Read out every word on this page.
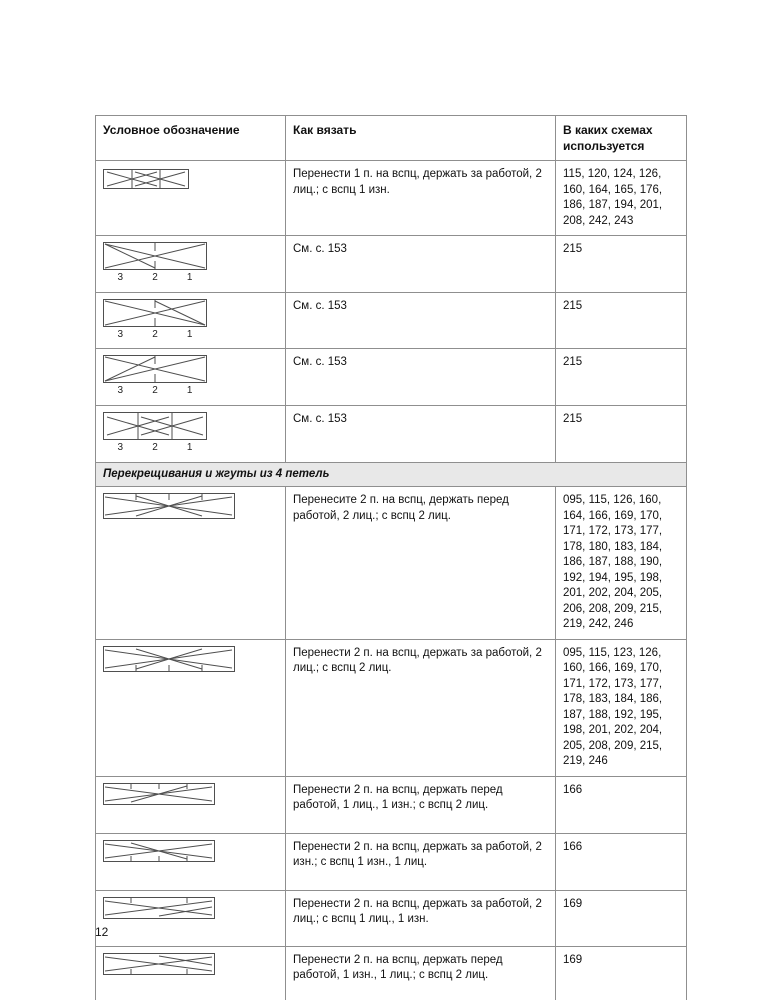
Условное обозначение	Как вязать	В каких схемах используется

	Перенести 1 п. на вспц, держать за работой, 2 лиц.; с вспц 1 изн.	115, 120, 124, 126, 160, 164, 165, 176, 186, 187, 194, 201, 208, 242, 243

3 2 1	См. с. 153	215

3 2 1	См. с. 153	215

3 2 1	См. с. 153	215

3 2 1	См. с. 153	215
Перекрещивания и жгуты из 4 петель		

	Перенесите 2 п. на вспц, держать перед работой, 2 лиц.; с вспц 2 лиц.	095, 115, 126, 160, 164, 166, 169, 170, 171, 172, 173, 177, 178, 180, 183, 184, 186, 187, 188, 190, 192, 194, 195, 198, 201, 202, 204, 205, 206, 208, 209, 215, 219, 242, 246

	Перенести 2 п. на вспц, держать за работой, 2 лиц.; с вспц 2 лиц.	095, 115, 123, 126, 160, 166, 169, 170, 171, 172, 173, 177, 178, 183, 184, 186, 187, 188, 192, 195, 198, 201, 202, 204, 205, 208, 209, 215, 219, 246

	Перенести 2 п. на вспц, держать перед работой, 1 лиц., 1 изн.; с вспц 2 лиц.	166

	Перенести 2 п. на вспц, держать за работой, 2 изн.; с вспц 1 изн., 1 лиц.	166

	Перенести 2 п. на вспц, держать за работой, 2 лиц.; с вспц 1 лиц., 1 изн.	169

	Перенести 2 п. на вспц, держать перед работой, 1 изн., 1 лиц.; с вспц 2 лиц.	169
12
